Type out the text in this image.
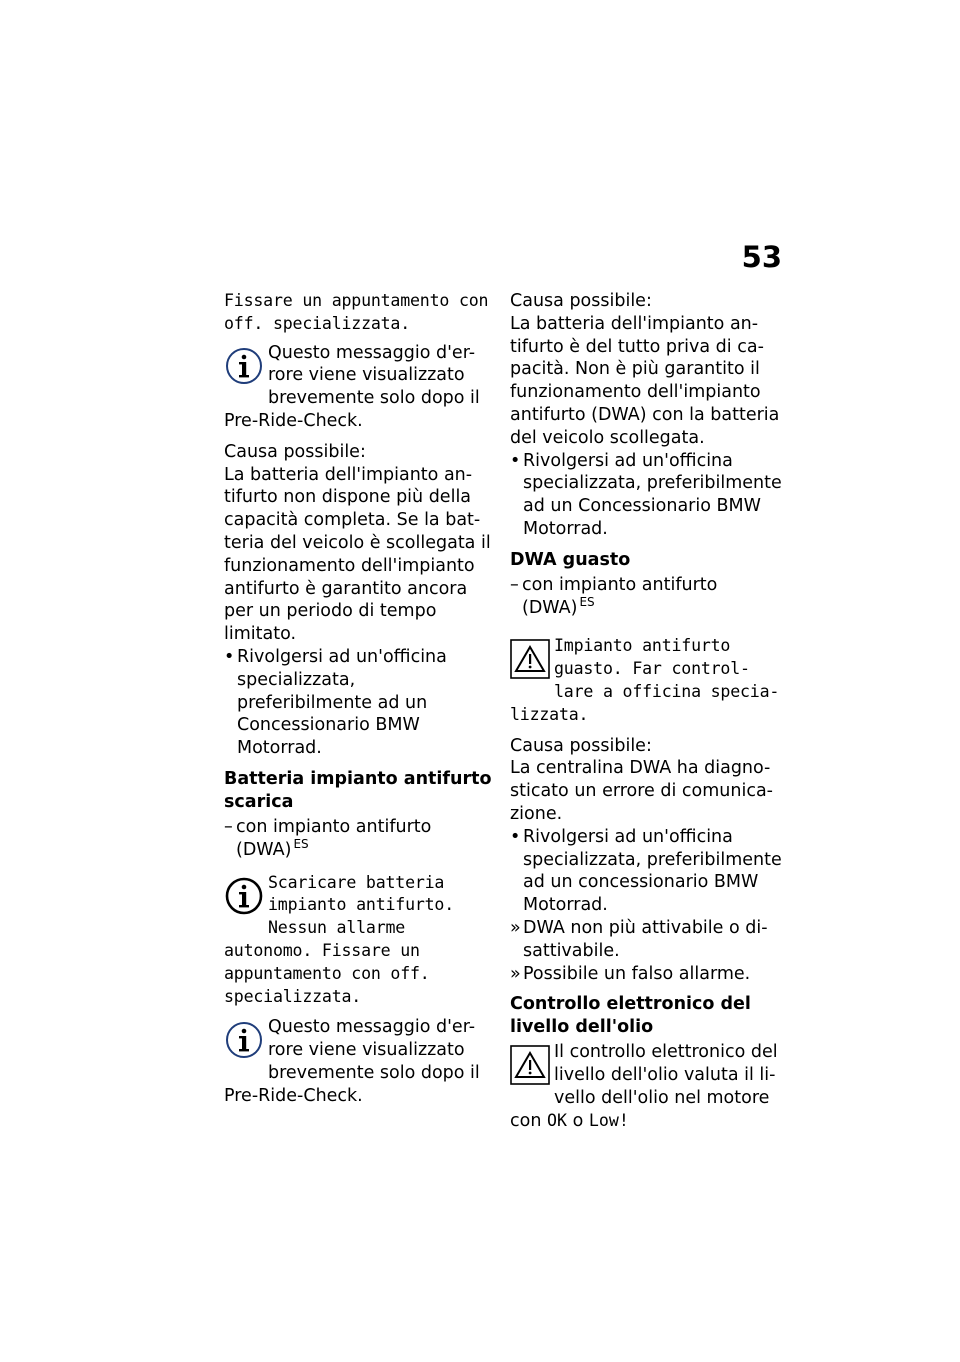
53
Fissare un appuntamento con off. specializzata.
Questo messaggio d'er-rore viene visualizzato brevemente solo dopo il Pre-Ride-Check.
Causa possibile:
La batteria dell'impianto an-tifurto non dispone più della capacità completa. Se la bat-teria del veicolo è scollegata il funzionamento dell'impianto antifurto è garantito ancora per un periodo di tempo limitato.
• Rivolgersi ad un'officina specializzata, preferibilmente ad un Concessionario BMW Motorrad.
Batteria impianto antifurto scarica
– con impianto antifurto (DWA) $^{ES}$
Scaricare batteria impianto antifurto. Nessun allarme autonomo. Fissare un appuntamento con off. specializzata.
Questo messaggio d'er-rore viene visualizzato brevemente solo dopo il Pre-Ride-Check.
Causa possibile:
La batteria dell'impianto an-tifurto è del tutto priva di ca-pacità. Non è più garantito il funzionamento dell'impianto antifurto (DWA) con la batteria del veicolo scollegata.
• Rivolgersi ad un'officina specializzata, preferibilmente ad un Concessionario BMW Motorrad.
DWA guasto
– con impianto antifurto (DWA) $^{ES}$
Impianto antifurto guasto. Far control-lare a officina specia-lizzata.
Causa possibile:
La centralina DWA ha diagno-sticato un errore di comunica-zione.
• Rivolgersi ad un'officina specializzata, preferibilmente ad un concessionario BMW Motorrad.
» DWA non più attivabile o di-sattivabile.
» Possibile un falso allarme.
Controllo elettronico del livello dell'olio
Il controllo elettronico del livello dell'olio valuta il li-vello dell'olio nel motore con OK o Low!
